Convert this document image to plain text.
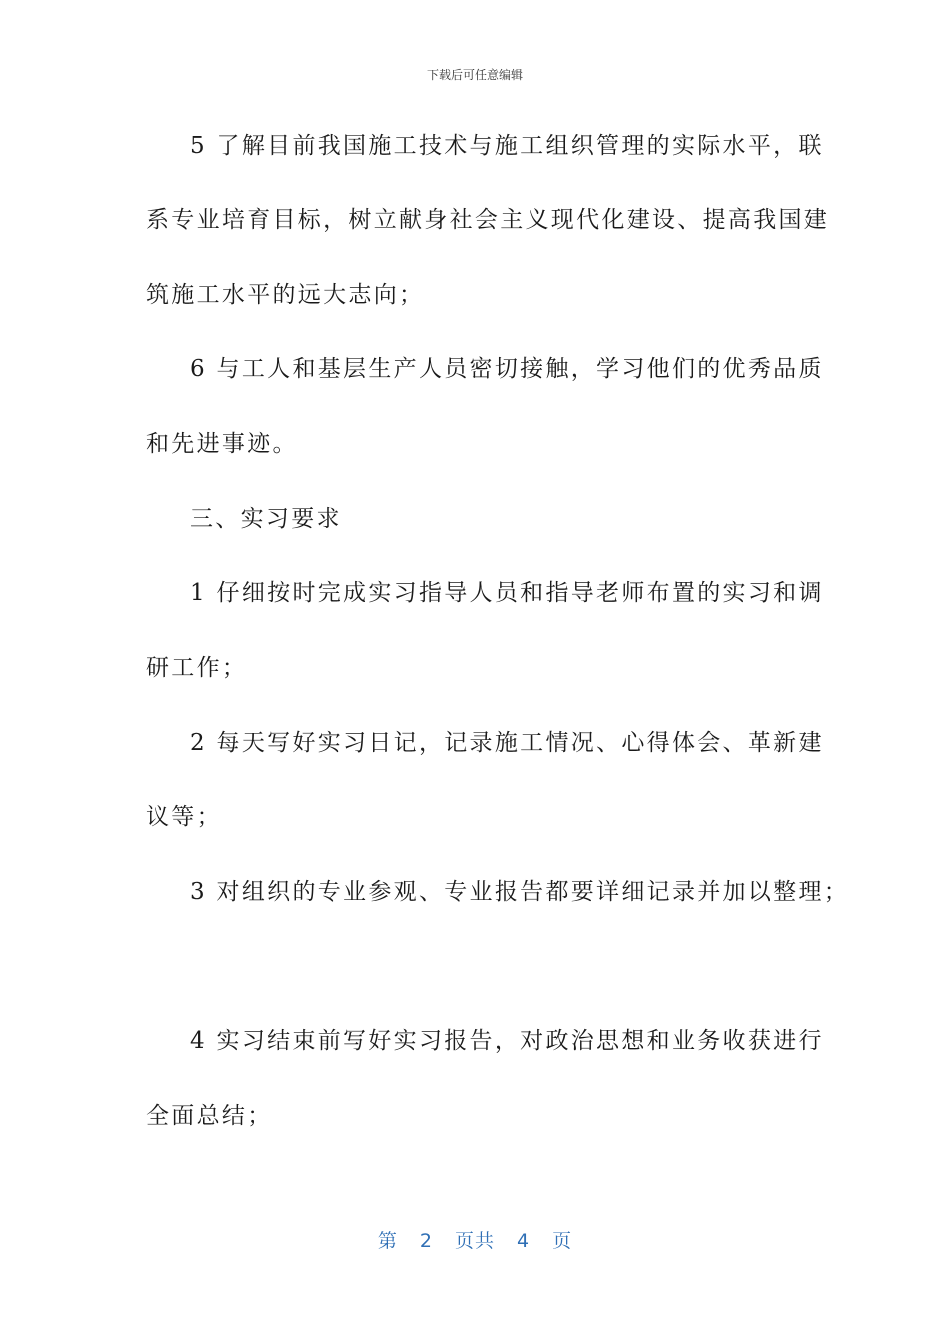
下载后可任意编辑
5 了解目前我国施工技术与施工组织管理的实际水平，联
系专业培育目标，树立献身社会主义现代化建设、提高我国建
筑施工水平的远大志向；
6 与工人和基层生产人员密切接触，学习他们的优秀品质
和先进事迹。
三、实习要求
1 仔细按时完成实习指导人员和指导老师布置的实习和调
研工作；
2 每天写好实习日记，记录施工情况、心得体会、革新建
议等；
3 对组织的专业参观、专业报告都要详细记录并加以整理；
4 实习结束前写好实习报告，对政治思想和业务收获进行
全面总结；
第 2 页共 4 页
